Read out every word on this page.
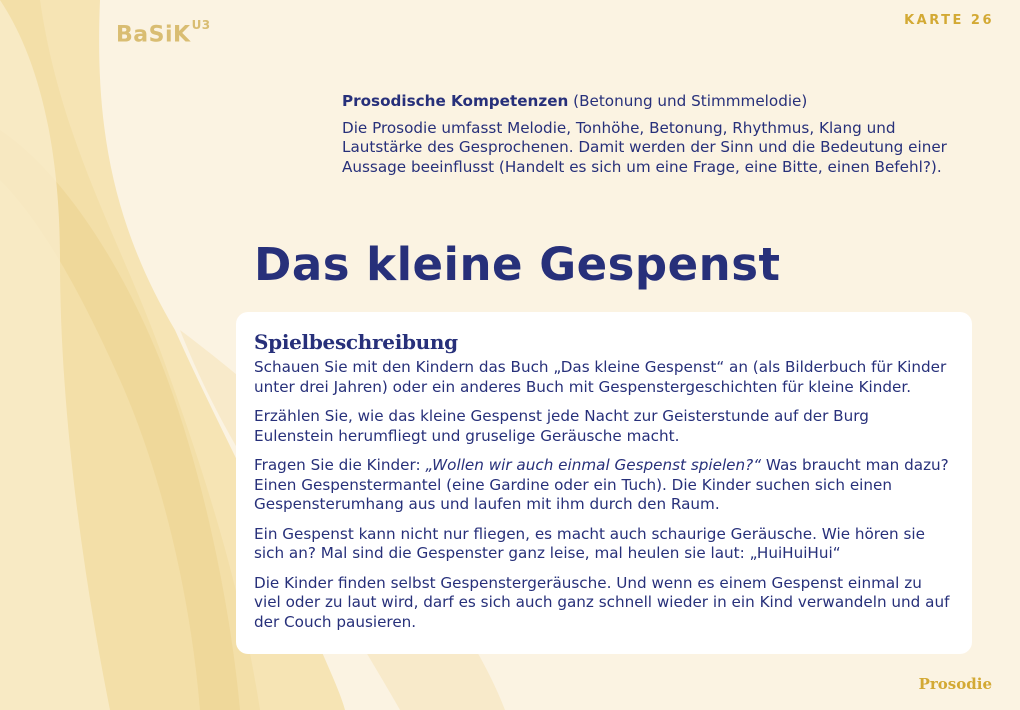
BaSiK$^{U3}$	KARTE 26
Prosodische Kompetenzen (Betonung und Stimmmelodie)
Die Prosodie umfasst Melodie, Tonhöhe, Betonung, Rhythmus, Klang und Lautstärke des Gesprochenen. Damit werden der Sinn und die Bedeutung einer Aussage beeinflusst (Handelt es sich um eine Frage, eine Bitte, einen Befehl?).
Das kleine Gespenst
Spielbeschreibung

Schauen Sie mit den Kindern das Buch „Das kleine Gespenst“ an (als Bilderbuch für Kinder unter drei Jahren) oder ein anderes Buch mit Gespenstergeschichten für kleine Kinder.

Erzählen Sie, wie das kleine Gespenst jede Nacht zur Geisterstunde auf der Burg Eulenstein herumfliegt und gruselige Geräusche macht.

Fragen Sie die Kinder: „Wollen wir auch einmal Gespenst spielen?“ Was braucht man dazu? Einen Gespenstermantel (eine Gardine oder ein Tuch). Die Kinder suchen sich einen Gespensterumhang aus und laufen mit ihm durch den Raum.

Ein Gespenst kann nicht nur fliegen, es macht auch schaurige Geräusche. Wie hören sie sich an? Mal sind die Gespenster ganz leise, mal heulen sie laut: „HuiHuiHui“

Die Kinder finden selbst Gespenstergeräusche. Und wenn es einem Gespenst einmal zu viel oder zu laut wird, darf es sich auch ganz schnell wieder in ein Kind verwandeln und auf der Couch pausieren.

Prosodie
